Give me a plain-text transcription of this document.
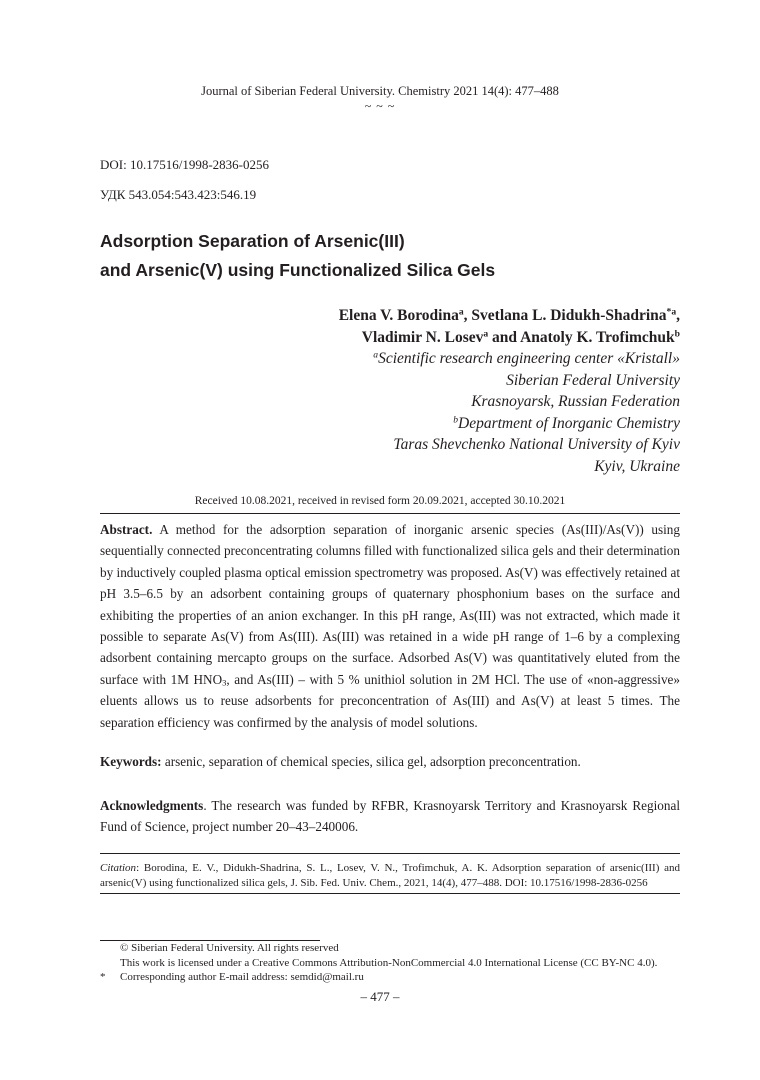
Journal of Siberian Federal University. Chemistry 2021 14(4): 477–488
~ ~ ~
DOI: 10.17516/1998-2836-0256
УДК 543.054:543.423:546.19
Adsorption Separation of Arsenic(III)
and Arsenic(V) using Functionalized Silica Gels
Elena V. Borodina$^a$, Svetlana L. Didukh-Shadrina$^{*a}$,
Vladimir N. Losev$^a$ and Anatoly K. Trofimchuk$^b$
$^a$Scientific research engineering center «Kristall»
Siberian Federal University
Krasnoyarsk, Russian Federation
$^b$Department of Inorganic Chemistry
Taras Shevchenko National University of Kyiv
Kyiv, Ukraine
Received 10.08.2021, received in revised form 20.09.2021, accepted 30.10.2021
Abstract. A method for the adsorption separation of inorganic arsenic species (As(III)/As(V)) using sequentially connected preconcentrating columns filled with functionalized silica gels and their determination by inductively coupled plasma optical emission spectrometry was proposed. As(V) was effectively retained at pH 3.5–6.5 by an adsorbent containing groups of quaternary phosphonium bases on the surface and exhibiting the properties of an anion exchanger. In this pH range, As(III) was not extracted, which made it possible to separate As(V) from As(III). As(III) was retained in a wide pH range of 1–6 by a complexing adsorbent containing mercapto groups on the surface. Adsorbed As(V) was quantitatively eluted from the surface with 1M $HNO_3$, and As(III) – with 5 % unithiol solution in 2M HCl. The use of «non-aggressive» eluents allows us to reuse adsorbents for preconcentration of As(III) and As(V) at least 5 times. The separation efficiency was confirmed by the analysis of model solutions.
Keywords: arsenic, separation of chemical species, silica gel, adsorption preconcentration.
Acknowledgments. The research was funded by RFBR, Krasnoyarsk Territory and Krasnoyarsk Regional Fund of Science, project number 20–43–240006.
Citation: Borodina, E. V., Didukh-Shadrina, S. L., Losev, V. N., Trofimchuk, A. K. Adsorption separation of arsenic(III) and arsenic(V) using functionalized silica gels, J. Sib. Fed. Univ. Chem., 2021, 14(4), 477–488. DOI: 10.17516/1998-2836-0256
© Siberian Federal University. All rights reserved
This work is licensed under a Creative Commons Attribution-NonCommercial 4.0 International License (CC BY-NC 4.0).
*	Corresponding author E-mail address: semdid@mail.ru
– 477 –
